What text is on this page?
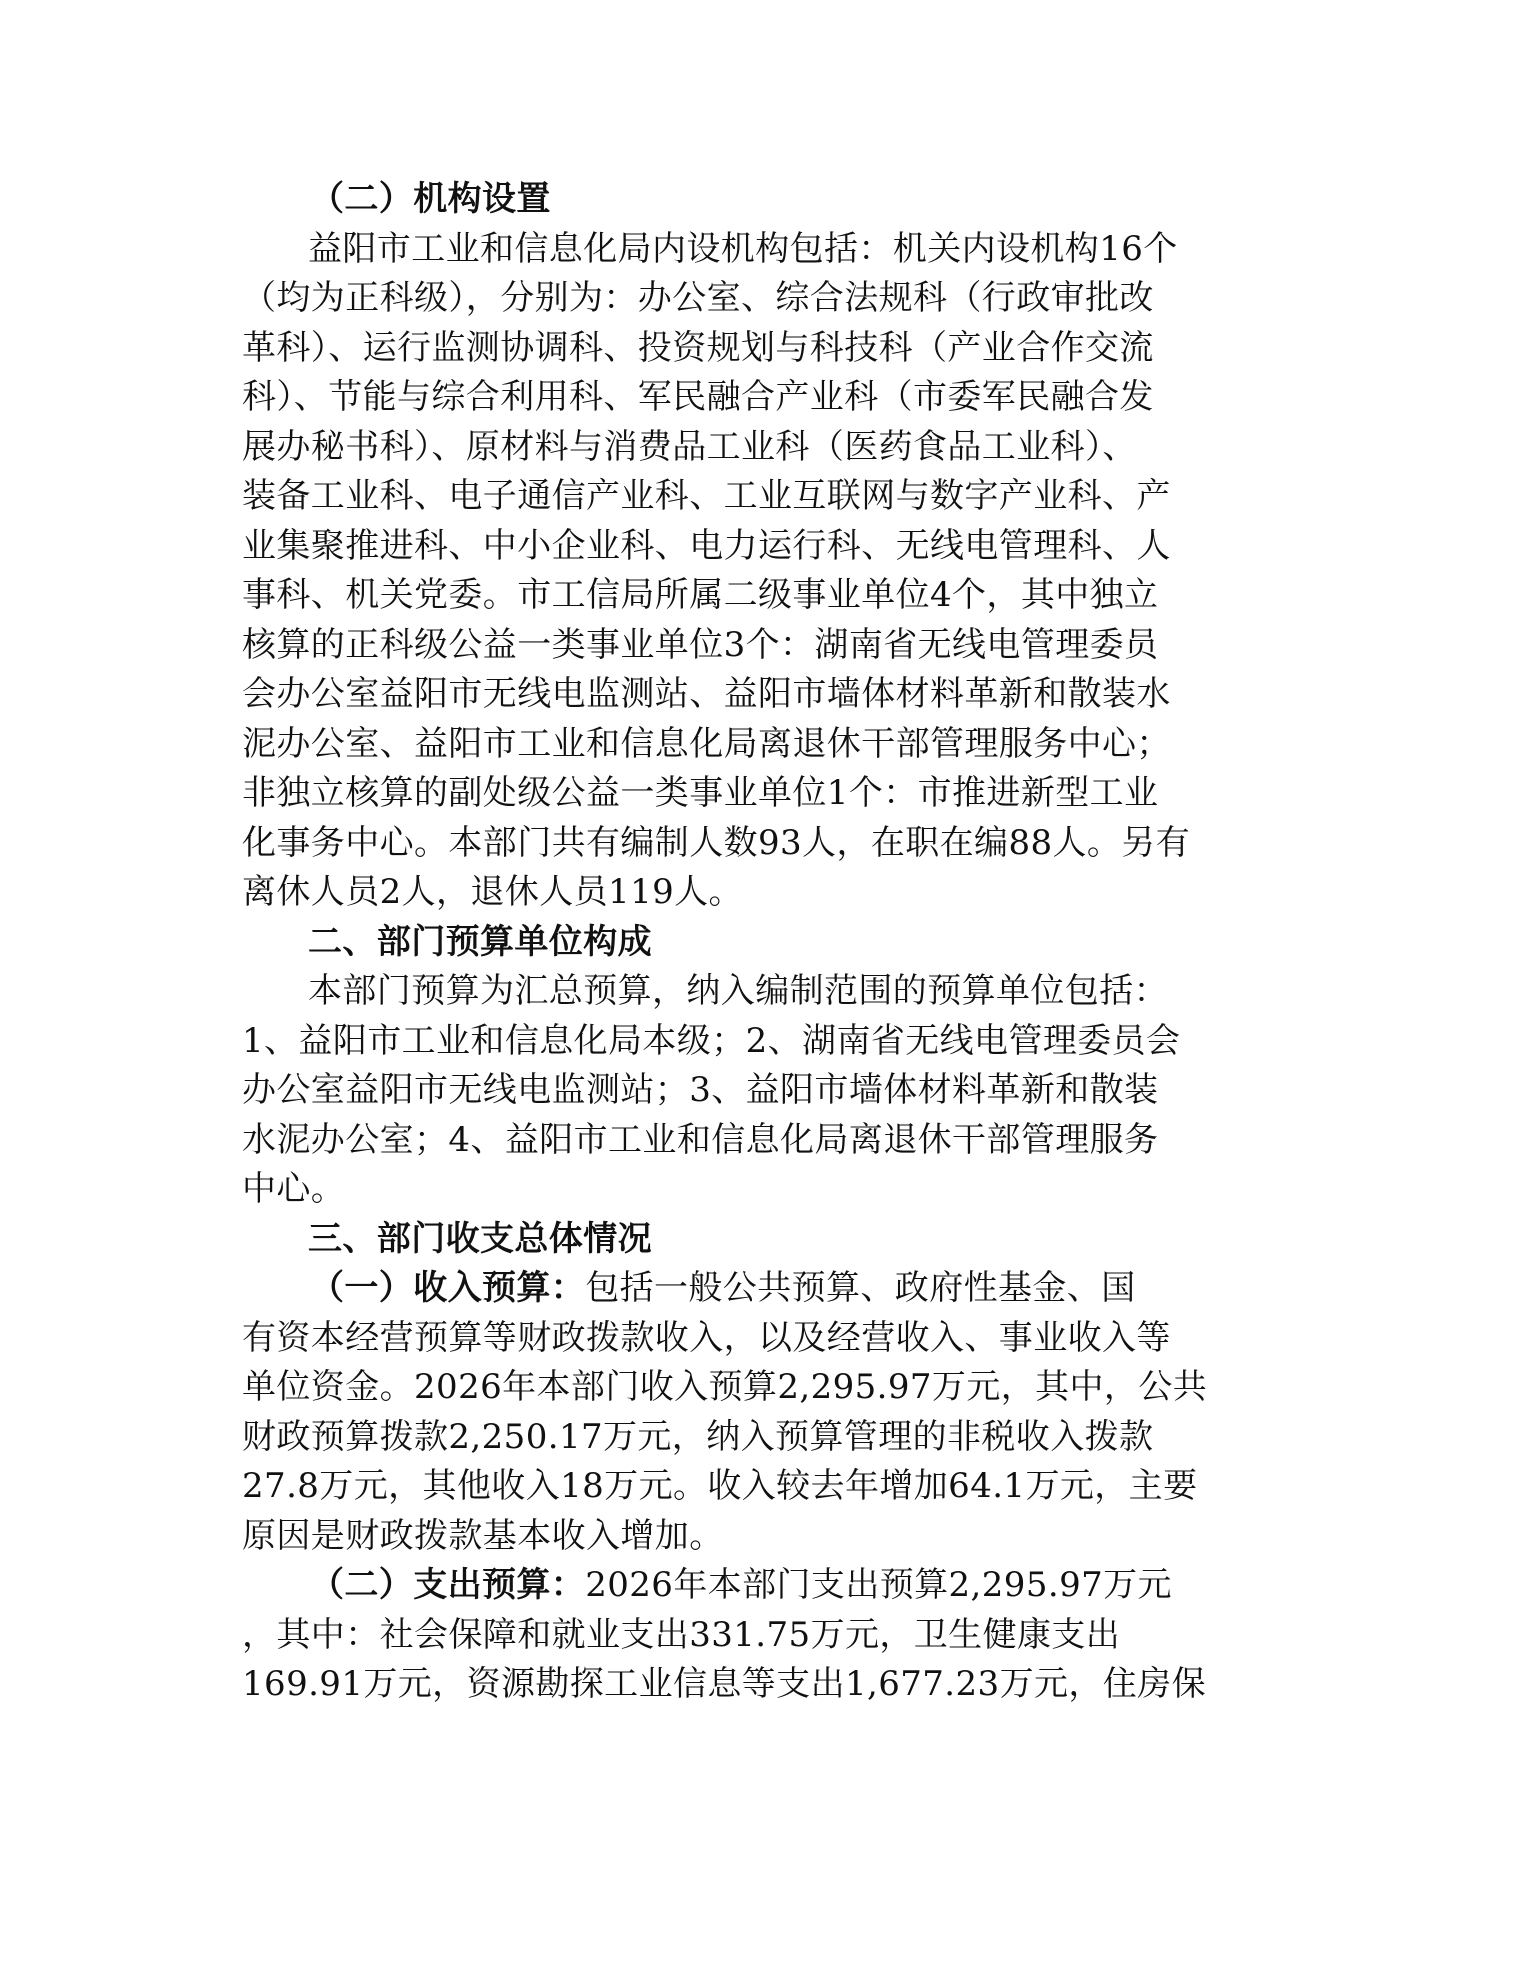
（二）机构设置
益阳市工业和信息化局内设机构包括：机关内设机构16个
（均为正科级），分别为：办公室、综合法规科（行政审批改
革科）、运行监测协调科、投资规划与科技科（产业合作交流
科）、节能与综合利用科、军民融合产业科（市委军民融合发
展办秘书科）、原材料与消费品工业科（医药食品工业科）、
装备工业科、电子通信产业科、工业互联网与数字产业科、产
业集聚推进科、中小企业科、电力运行科、无线电管理科、人
事科、机关党委。市工信局所属二级事业单位4个，其中独立
核算的正科级公益一类事业单位3个：湖南省无线电管理委员
会办公室益阳市无线电监测站、益阳市墙体材料革新和散装水
泥办公室、益阳市工业和信息化局离退休干部管理服务中心；
非独立核算的副处级公益一类事业单位1个：市推进新型工业
化事务中心。本部门共有编制人数93人，在职在编88人。另有
离休人员2人，退休人员119人。
二、部门预算单位构成
本部门预算为汇总预算，纳入编制范围的预算单位包括：
1、益阳市工业和信息化局本级；2、湖南省无线电管理委员会
办公室益阳市无线电监测站；3、益阳市墙体材料革新和散装
水泥办公室；4、益阳市工业和信息化局离退休干部管理服务
中心。
三、部门收支总体情况
（一）收入预算：包括一般公共预算、政府性基金、国
有资本经营预算等财政拨款收入，以及经营收入、事业收入等
单位资金。2026年本部门收入预算2,295.97万元，其中，公共
财政预算拨款2,250.17万元，纳入预算管理的非税收入拨款
27.8万元，其他收入18万元。收入较去年增加64.1万元，主要
原因是财政拨款基本收入增加。
（二）支出预算：2026年本部门支出预算2,295.97万元
，其中：社会保障和就业支出331.75万元，卫生健康支出
169.91万元，资源勘探工业信息等支出1,677.23万元，住房保
